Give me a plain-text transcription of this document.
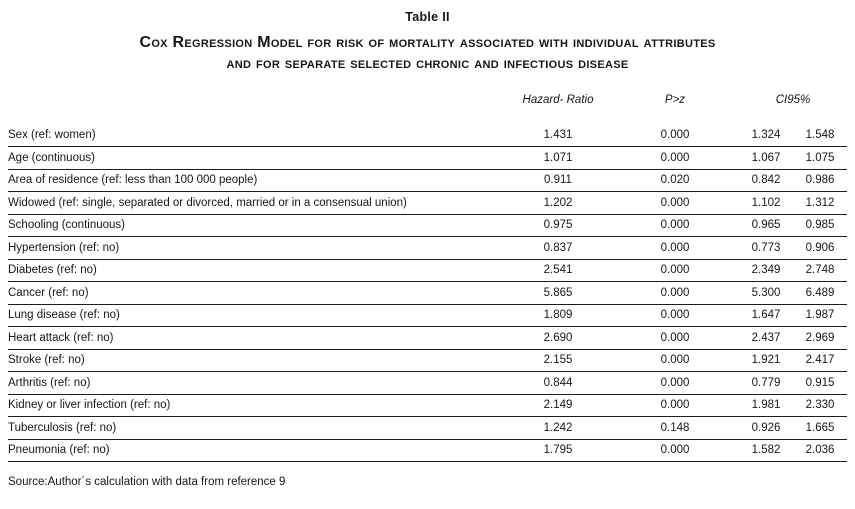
Table II
Cox Regression Model for risk of mortality associated with individual attributes
and for separate selected chronic and infectious disease
	Hazard- Ratio	P>z	CI95%	
Sex (ref: women)	1.431	0.000	1.324	1.548
Age (continuous)	1.071	0.000	1.067	1.075
Area of residence (ref: less than 100 000 people)	0.911	0.020	0.842	0.986
Widowed (ref: single, separated or divorced, married or in a consensual union)	1.202	0.000	1.102	1.312
Schooling (continuous)	0.975	0.000	0.965	0.985
Hypertension (ref: no)	0.837	0.000	0.773	0.906
Diabetes (ref: no)	2.541	0.000	2.349	2.748
Cancer (ref: no)	5.865	0.000	5.300	6.489
Lung disease (ref: no)	1.809	0.000	1.647	1.987
Heart attack (ref: no)	2.690	0.000	2.437	2.969
Stroke (ref: no)	2.155	0.000	1.921	2.417
Arthritis (ref: no)	0.844	0.000	0.779	0.915
Kidney or liver infection (ref: no)	2.149	0.000	1.981	2.330
Tuberculosis (ref: no)	1.242	0.148	0.926	1.665
Pneumonia (ref: no)	1.795	0.000	1.582	2.036
Source:Author´s calculation with data from reference 9
